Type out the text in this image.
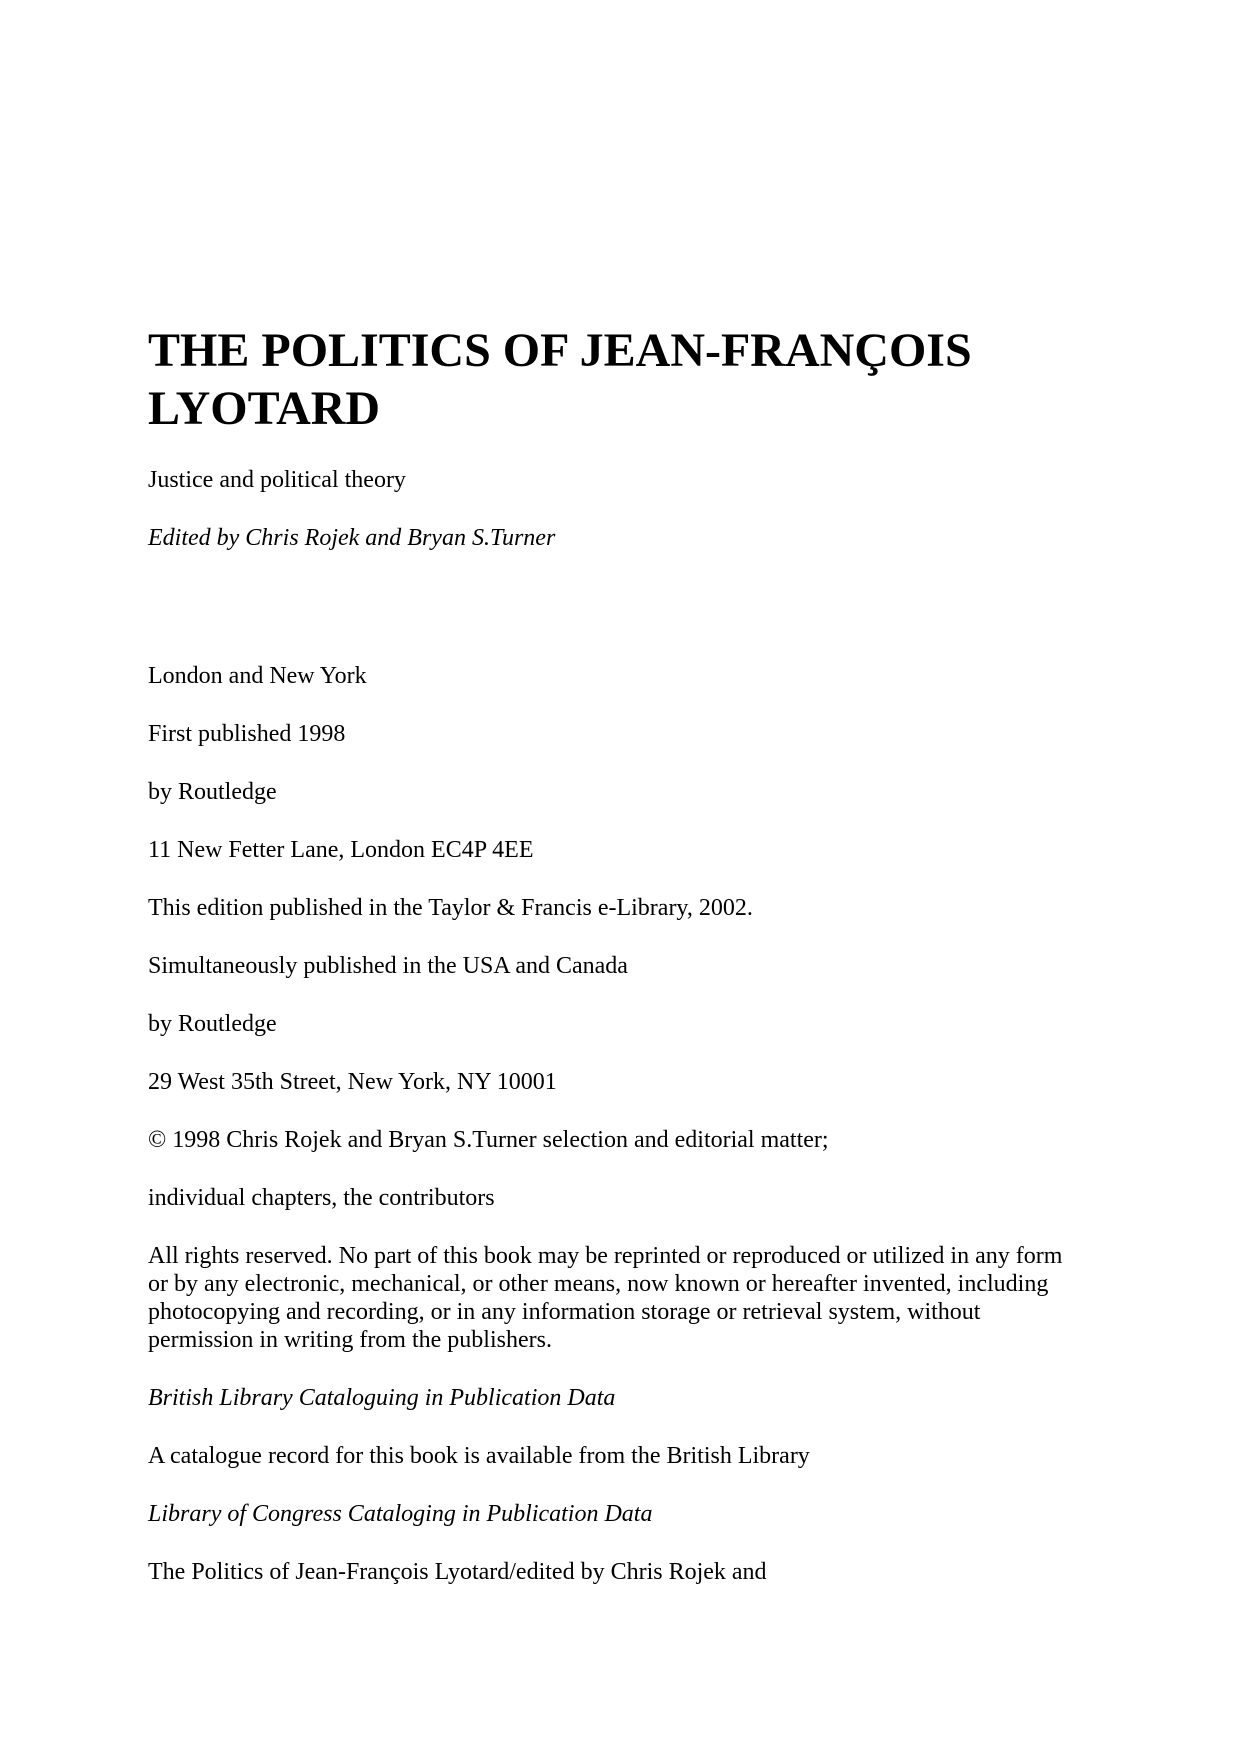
THE POLITICS OF JEAN-FRANÇOIS
LYOTARD

Justice and political theory

Edited by Chris Rojek and Bryan S.Turner

London and New York

First published 1998

by Routledge

11 New Fetter Lane, London EC4P 4EE

This edition published in the Taylor & Francis e-Library, 2002.

Simultaneously published in the USA and Canada

by Routledge

29 West 35th Street, New York, NY 10001

© 1998 Chris Rojek and Bryan S.Turner selection and editorial matter;

individual chapters, the contributors

All rights reserved. No part of this book may be reprinted or reproduced or utilized in any form or by any electronic, mechanical, or other means, now known or hereafter invented, including photocopying and recording, or in any information storage or retrieval system, without permission in writing from the publishers.

British Library Cataloguing in Publication Data

A catalogue record for this book is available from the British Library

Library of Congress Cataloging in Publication Data

The Politics of Jean-François Lyotard/edited by Chris Rojek and
